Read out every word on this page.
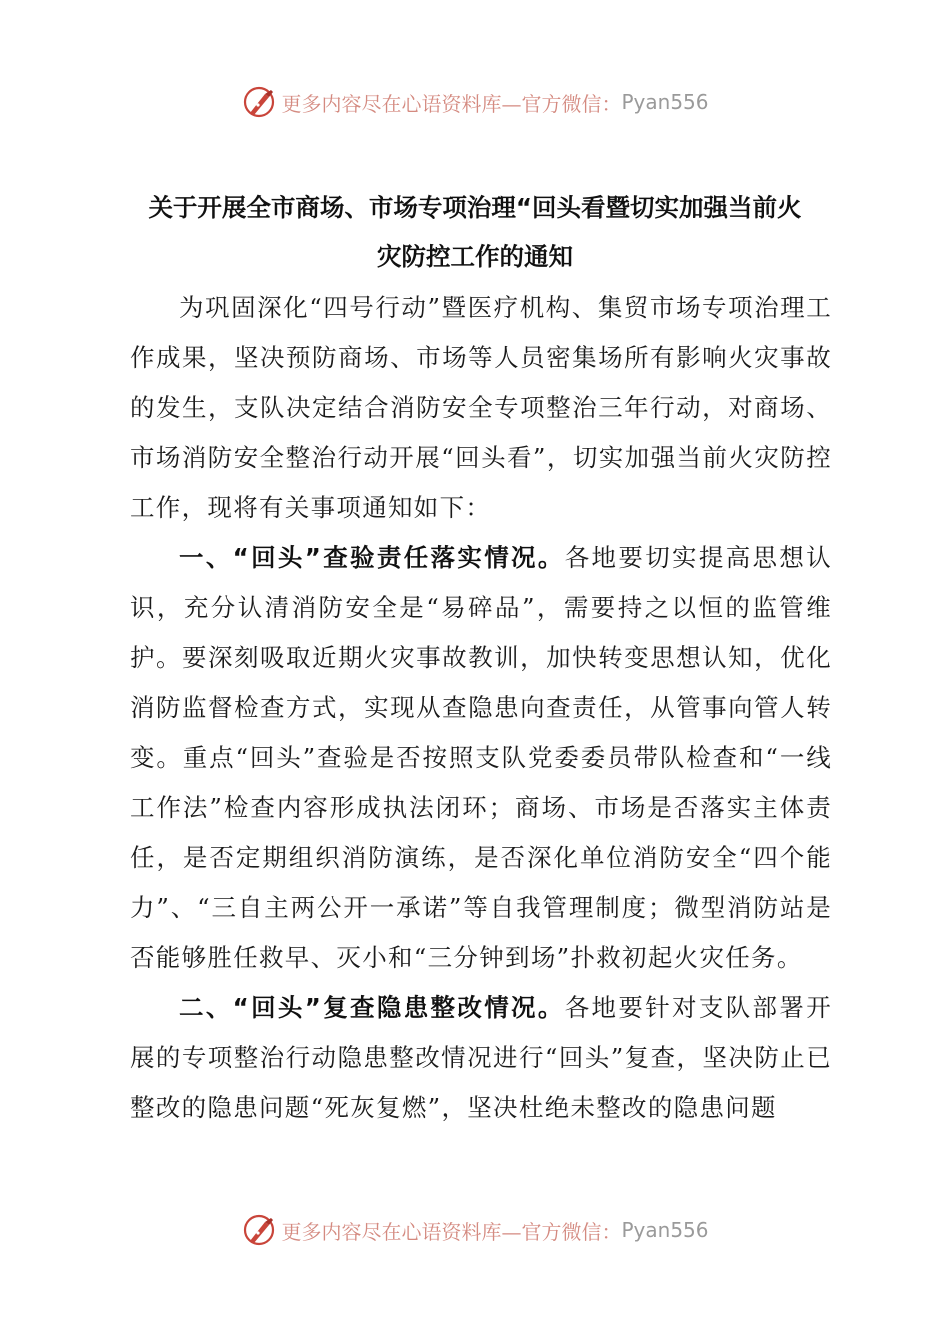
更多内容尽在心语资料库—官方微信： Pyan556
关于开展全市商场、市场专项治理“回头看暨切实加强当前火
灾防控工作的通知

为巩固深化“四号行动”暨医疗机构、集贸市场专项治理工作成果，坚决预防商场、市场等人员密集场所有影响火灾事故的发生，支队决定结合消防安全专项整治三年行动，对商场、市场消防安全整治行动开展“回头看”，切实加强当前火灾防控工作，现将有关事项通知如下：

一、“回头”查验责任落实情况。各地要切实提高思想认识，充分认清消防安全是“易碎品”，需要持之以恒的监管维护。要深刻吸取近期火灾事故教训，加快转变思想认知，优化消防监督检查方式，实现从查隐患向查责任，从管事向管人转变。重点“回头”查验是否按照支队党委委员带队检查和“一线工作法”检查内容形成执法闭环；商场、市场是否落实主体责任，是否定期组织消防演练，是否深化单位消防安全“四个能力”、“三自主两公开一承诺”等自我管理制度；微型消防站是否能够胜任救早、灭小和“三分钟到场”扑救初起火灾任务。

二、“回头”复查隐患整改情况。各地要针对支队部署开展的专项整治行动隐患整改情况进行“回头”复查，坚决防止已整改的隐患问题“死灰复燃”，坚决杜绝未整改的隐患问题

更多内容尽在心语资料库—官方微信： Pyan556
